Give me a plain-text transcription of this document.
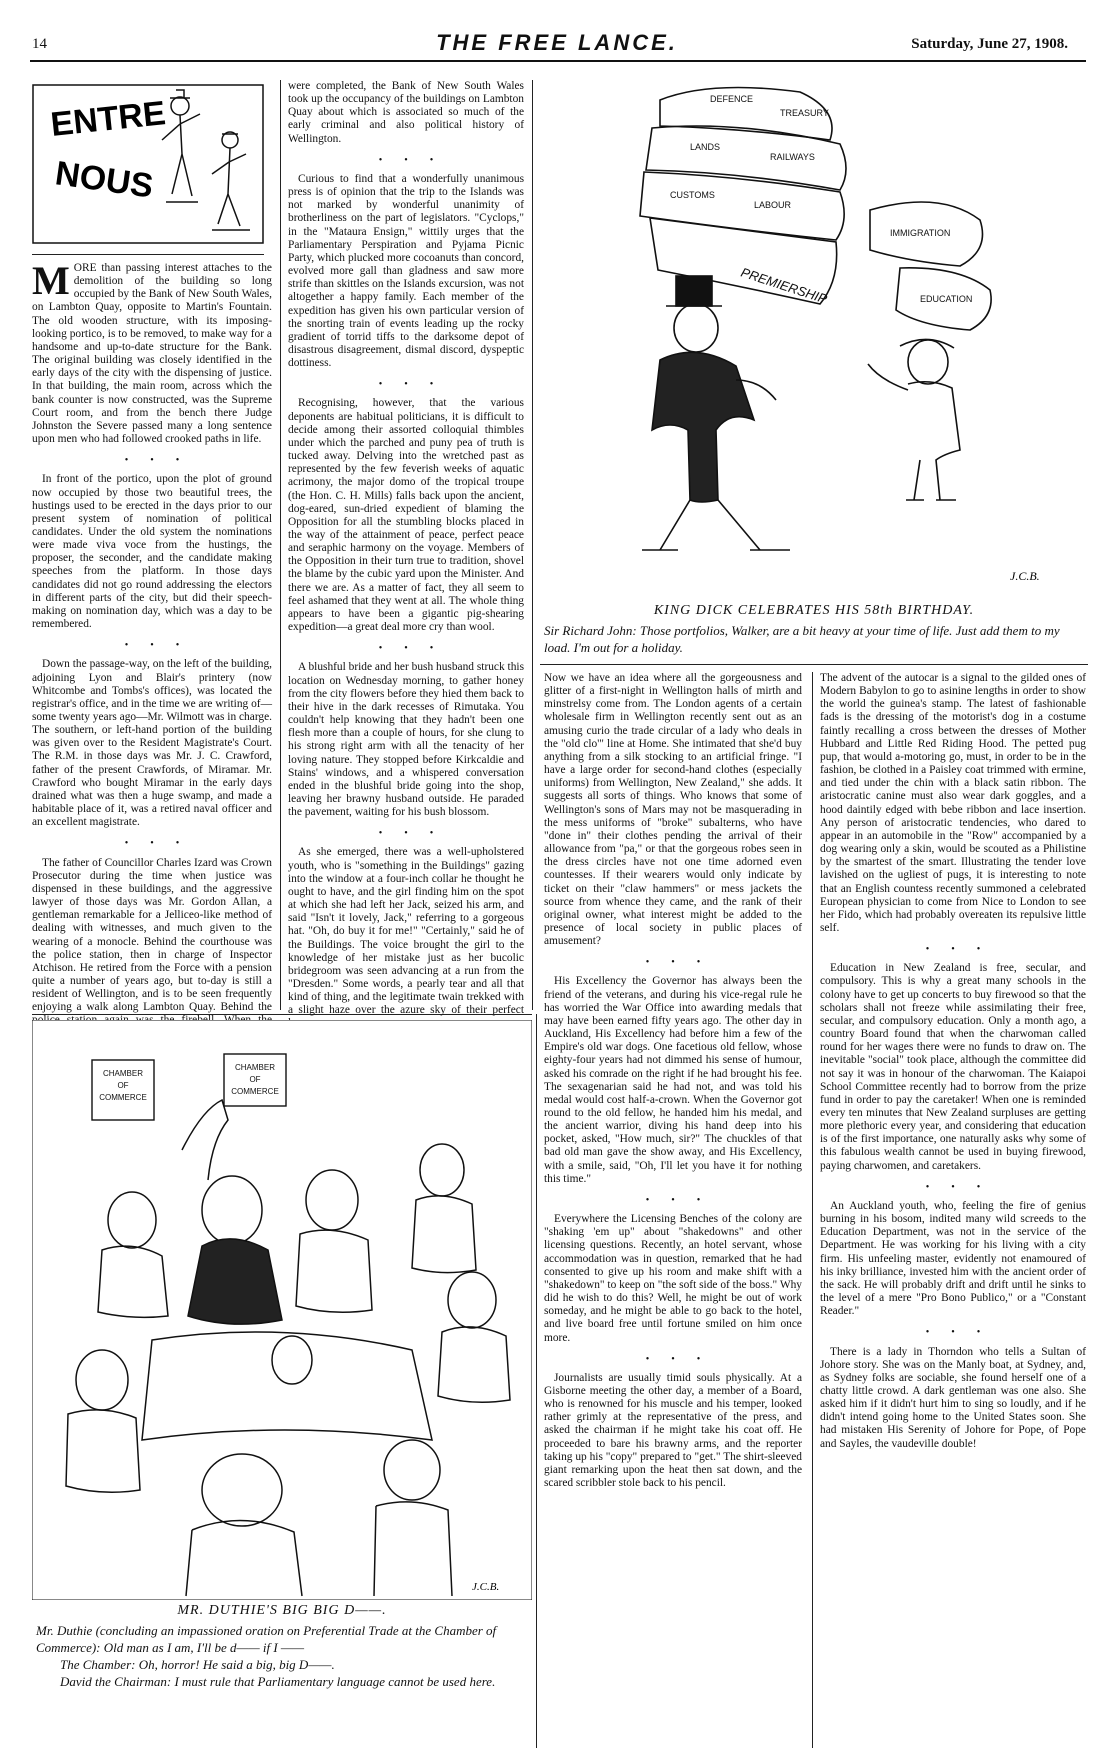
14	THE FREE LANCE.	Saturday, June 27, 1908.
ENTRE
NOUS

MORE than passing interest attaches to the demolition of the building so long occupied by the Bank of New South Wales, on Lambton Quay, opposite to Martin's Fountain. The old wooden structure, with its imposing-looking portico, is to be removed, to make way for a handsome and up-to-date structure for the Bank. The original building was closely identified in the early days of the city with the dispensing of justice. In that building, the main room, across which the bank counter is now constructed, was the Supreme Court room, and from the bench there Judge Johnston the Severe passed many a long sentence upon men who had followed crooked paths in life.

•••

In front of the portico, upon the plot of ground now occupied by those two beautiful trees, the hustings used to be erected in the days prior to our present system of nomination of political candidates. Under the old system the nominations were made viva voce from the hustings, the proposer, the seconder, and the candidate making speeches from the platform. In those days candidates did not go round addressing the electors in different parts of the city, but did their speech-making on nomination day, which was a day to be remembered.

•••

Down the passage-way, on the left of the building, adjoining Lyon and Blair's printery (now Whitcombe and Tombs's offices), was located the registrar's office, and in the time we are writing of—some twenty years ago—Mr. Wilmott was in charge. The southern, or left-hand portion of the building was given over to the Resident Magistrate's Court. The R.M. in those days was Mr. J. C. Crawford, father of the present Crawfords, of Miramar. Mr. Crawford who bought Miramar in the early days drained what was then a huge swamp, and made a habitable place of it, was a retired naval officer and an excellent magistrate.

•••

The father of Councillor Charles Izard was Crown Prosecutor during the time when justice was dispensed in these buildings, and the aggressive lawyer of those days was Mr. Gordon Allan, a gentleman remarkable for a Jelliceo-like method of dealing with witnesses, and much given to the wearing of a monocle. Behind the courthouse was the police station, then in charge of Inspector Atchison. He retired from the Force with a pension quite a number of years ago, but to-day is still a resident of Wellington, and is to be seen frequently enjoying a walk along Lambton Quay. Behind the police station again was the firebell. When the present Supreme Court buildings

were completed, the Bank of New South Wales took up the occupancy of the buildings on Lambton Quay about which is associated so much of the early criminal and also political history of Wellington.

•••

Curious to find that a wonderfully unanimous press is of opinion that the trip to the Islands was not marked by wonderful unanimity of brotherliness on the part of legislators. "Cyclops," in the "Mataura Ensign," wittily urges that the Parliamentary Perspiration and Pyjama Picnic Party, which plucked more cocoanuts than concord, evolved more gall than gladness and saw more strife than skittles on the Islands excursion, was not altogether a happy family. Each member of the expedition has given his own particular version of the snorting train of events leading up the rocky gradient of torrid tiffs to the darksome depot of disastrous disagreement, dismal discord, dyspeptic dottiness.

•••

Recognising, however, that the various deponents are habitual politicians, it is difficult to decide among their assorted colloquial thimbles under which the parched and puny pea of truth is tucked away. Delving into the wretched past as represented by the few feverish weeks of aquatic acrimony, the major domo of the tropical troupe (the Hon. C. H. Mills) falls back upon the ancient, dog-eared, sun-dried expedient of blaming the Opposition for all the stumbling blocks placed in the way of the attainment of peace, perfect peace and seraphic harmony on the voyage. Members of the Opposition in their turn true to tradition, shovel the blame by the cubic yard upon the Minister. And there we are. As a matter of fact, they all seem to feel ashamed that they went at all. The whole thing appears to have been a gigantic pig-shearing expedition—a great deal more cry than wool.

•••

A blushful bride and her bush husband struck this location on Wednesday morning, to gather honey from the city flowers before they hied them back to their hive in the dark recesses of Rimutaka. You couldn't help knowing that they hadn't been one flesh more than a couple of hours, for she clung to his strong right arm with all the tenacity of her loving nature. They stopped before Kirkcaldie and Stains' windows, and a whispered conversation ended in the blushful bride going into the shop, leaving her brawny husband outside. He paraded the pavement, waiting for his bush blossom.

•••

As she emerged, there was a well-upholstered youth, who is "something in the Buildings" gazing into the window at a four-inch collar he thought he ought to have, and the girl finding him on the spot at which she had left her Jack, seized his arm, and said "Isn't it lovely, Jack," referring to a gorgeous hat. "Oh, do buy it for me!" "Certainly," said he of the Buildings. The voice brought the girl to the knowledge of her mistake just as her bucolic bridegroom was seen advancing at a run from the "Dresden." Some words, a pearly tear and all that kind of thing, and the legitimate twain trekked with a slight haze over the azure sky of their perfect love.

DEFENCE
TREASURY
LANDS
RAILWAYS
CUSTOMS
LABOUR
PREMIERSHIP
IMMIGRATION
EDUCATION
J.C.B.
KING DICK CELEBRATES HIS 58th BIRTHDAY.
Sir Richard John: Those portfolios, Walker, are a bit heavy at your time of life. Just add them to my load. I'm out for a holiday.

Now we have an idea where all the gorgeousness and glitter of a first-night in Wellington halls of mirth and minstrelsy come from. The London agents of a certain wholesale firm in Wellington recently sent out as an amusing curio the trade circular of a lady who deals in the "old clo'" line at Home. She intimated that she'd buy anything from a silk stocking to an artificial fringe. "I have a large order for second-hand clothes (especially uniforms) from Wellington, New Zealand," she adds. It suggests all sorts of things. Who knows that some of Wellington's sons of Mars may not be masquerading in the mess uniforms of "broke" subalterns, who have "done in" their clothes pending the arrival of their allowance from "pa," or that the gorgeous robes seen in the dress circles have not one time adorned even countesses. If their wearers would only indicate by ticket on their "claw hammers" or mess jackets the source from whence they came, and the rank of their original owner, what interest might be added to the presence of local society in public places of amusement?

•••

His Excellency the Governor has always been the friend of the veterans, and during his vice-regal rule he has worried the War Office into awarding medals that may have been earned fifty years ago. The other day in Auckland, His Excellency had before him a few of the Empire's old war dogs. One facetious old fellow, whose eighty-four years had not dimmed his sense of humour, asked his comrade on the right if he had brought his fee. The sexagenarian said he had not, and was told his medal would cost half-a-crown. When the Governor got round to the old fellow, he handed him his medal, and the ancient warrior, diving his hand deep into his pocket, asked, "How much, sir?" The chuckles of that bad old man gave the show away, and His Excellency, with a smile, said, "Oh, I'll let you have it for nothing this time."

•••

Everywhere the Licensing Benches of the colony are "shaking 'em up" about "shakedowns" and other licensing questions. Recently, an hotel servant, whose accommodation was in question, remarked that he had consented to give up his room and make shift with a "shakedown" to keep on "the soft side of the boss." Why did he wish to do this? Well, he might be out of work someday, and he might be able to go back to the hotel, and live board free until fortune smiled on him once more.

•••

Journalists are usually timid souls physically. At a Gisborne meeting the other day, a member of a Board, who is renowned for his muscle and his temper, looked rather grimly at the representative of the press, and asked the chairman if he might take his coat off. He proceeded to bare his brawny arms, and the reporter taking up his "copy" prepared to "get." The shirt-sleeved giant remarking upon the heat then sat down, and the scared scribbler stole back to his pencil.

The advent of the autocar is a signal to the gilded ones of Modern Babylon to go to asinine lengths in order to show the world the guinea's stamp. The latest of fashionable fads is the dressing of the motorist's dog in a costume faintly recalling a cross between the dresses of Mother Hubbard and Little Red Riding Hood. The petted pug pup, that would a-motoring go, must, in order to be in the fashion, be clothed in a Paisley coat trimmed with ermine, and tied under the chin with a black satin ribbon. The aristocratic canine must also wear dark goggles, and a hood daintily edged with bebe ribbon and lace insertion. Any person of aristocratic tendencies, who dared to appear in an automobile in the "Row" accompanied by a dog wearing only a skin, would be scouted as a Philistine by the smartest of the smart. Illustrating the tender love lavished on the ugliest of pugs, it is interesting to note that an English countess recently summoned a celebrated European physician to come from Nice to London to see her Fido, which had probably overeaten its repulsive little self.

•••

Education in New Zealand is free, secular, and compulsory. This is why a great many schools in the colony have to get up concerts to buy firewood so that the scholars shall not freeze while assimilating their free, secular, and compulsory education. Only a month ago, a country Board found that when the charwoman called round for her wages there were no funds to draw on. The inevitable "social" took place, although the committee did not say it was in honour of the charwoman. The Kaiapoi School Committee recently had to borrow from the prize fund in order to pay the caretaker! When one is reminded every ten minutes that New Zealand surpluses are getting more plethoric every year, and considering that education is of the first importance, one naturally asks why some of this fabulous wealth cannot be used in buying firewood, paying charwomen, and caretakers.

•••

An Auckland youth, who, feeling the fire of genius burning in his bosom, indited many wild screeds to the Education Department, was not in the service of the Department. He was working for his living with a city firm. His unfeeling master, evidently not enamoured of his inky brilliance, invested him with the ancient order of the sack. He will probably drift and drift until he sinks to the level of a mere "Pro Bono Publico," or a "Constant Reader."

•••

There is a lady in Thorndon who tells a Sultan of Johore story. She was on the Manly boat, at Sydney, and, as Sydney folks are sociable, she found herself one of a chatty little crowd. A dark gentleman was one also. She asked him if it didn't hurt him to sing so loudly, and if he didn't intend going home to the United States soon. She had mistaken His Serenity of Johore for Pope, of Pope and Sayles, the vaudeville double!

CHAMBER
OF
COMMERCE
CHAMBER
OF
COMMERCE
J.C.B.
MR. DUTHIE'S BIG BIG D——.
Mr. Duthie (concluding an impassioned oration on Preferential Trade at the Chamber of Commerce): Old man as I am, I'll be d—— if I ——
The Chamber: Oh, horror! He said a big, big D——.
David the Chairman: I must rule that Parliamentary language cannot be used here.
